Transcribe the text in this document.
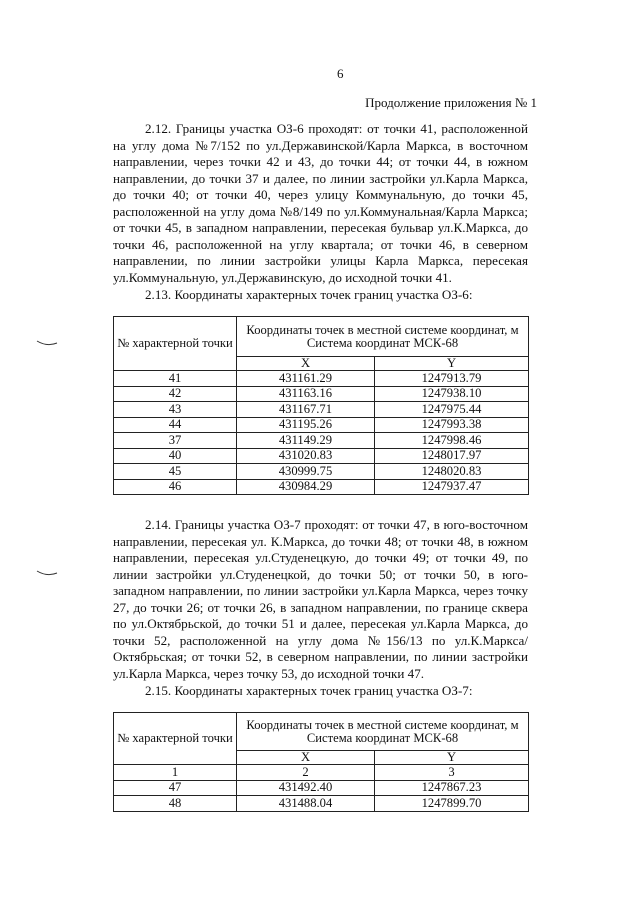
6
Продолжение приложения № 1

2.12. Границы участка ОЗ-6 проходят: от точки 41, расположенной на углу дома №7/152 по ул.Державинской/Карла Маркса, в восточном направлении, через точки 42 и 43, до точки 44; от точки 44, в южном направлении, до точки 37 и далее, по линии застройки ул.Карла Маркса, до точки 40; от точки 40, через улицу Коммунальную, до точки 45, расположенной на углу дома №8/149 по ул.Коммунальная/Карла Маркса; от точки 45, в западном направлении, пересекая бульвар ул.К.Маркса, до точки 46, расположенной на углу квартала; от точки 46, в северном направлении, по линии застройки улицы Карла Маркса, пересекая ул.Коммунальную, ул.Державинскую, до исходной точки 41.

2.13. Координаты характерных точек границ участка ОЗ-6:

№ характерной точки	Координаты точек в местной системе координат, м Система координат МСК-68	
	X	Y
41	431161.29	1247913.79
42	431163.16	1247938.10
43	431167.71	1247975.44
44	431195.26	1247993.38
37	431149.29	1247998.46
40	431020.83	1248017.97
45	430999.75	1248020.83
46	430984.29	1247937.47

2.14. Границы участка ОЗ-7 проходят: от точки 47, в юго-восточном направлении, пересекая ул. К.Маркса, до точки 48; от точки 48, в южном направлении, пересекая ул.Студенецкую, до точки 49; от точки 49, по линии застройки ул.Студенецкой, до точки 50; от точки 50, в юго-западном направлении, по линии застройки ул.Карла Маркса, через точку 27, до точки 26; от точки 26, в западном направлении, по границе сквера по ул.Октябрьской, до точки 51 и далее, пересекая ул.Карла Маркса, до точки 52, расположенной на углу дома №156/13 по ул.К.Маркса/Октябрьская; от точки 52, в северном направлении, по линии застройки ул.Карла Маркса, через точку 53, до исходной точки 47.

2.15. Координаты характерных точек границ участка ОЗ-7:

№ характерной точки	Координаты точек в местной системе координат, м Система координат МСК-68	
	X	Y
1	2	3
47	431492.40	1247867.23
48	431488.04	1247899.70
